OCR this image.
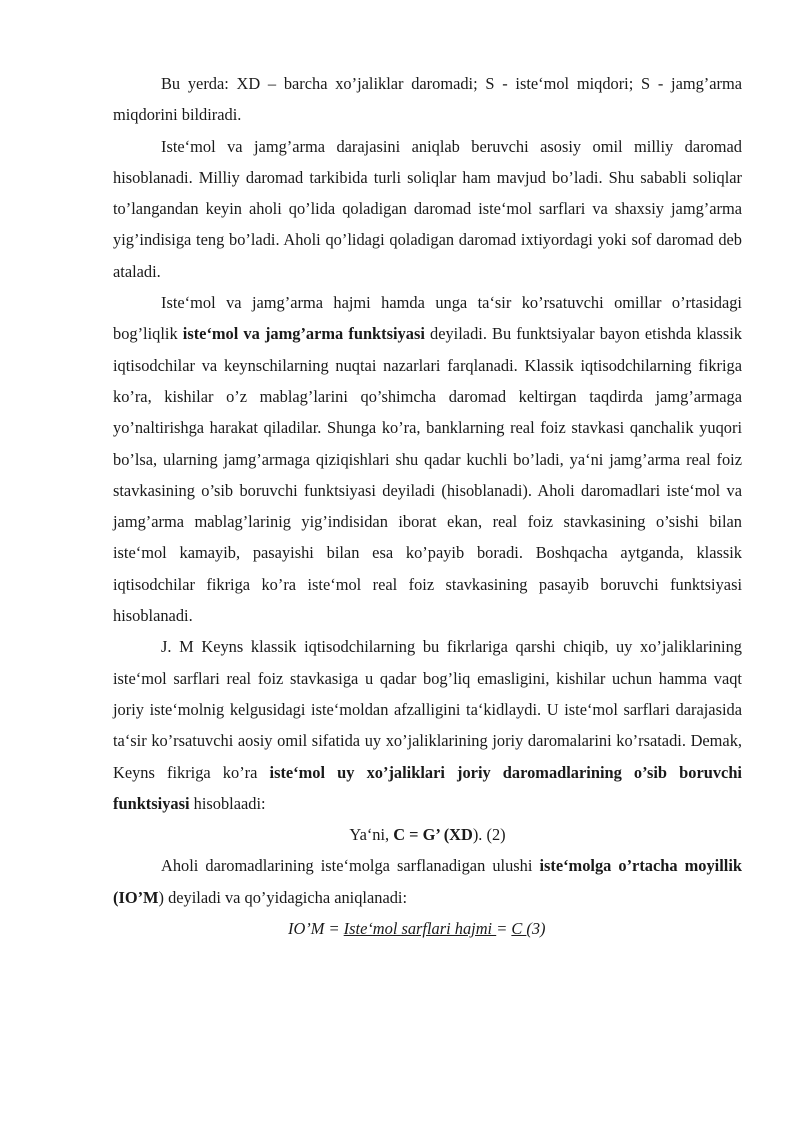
Bu yerda: XD – barcha xo’jaliklar daromadi; S - iste‘mol miqdori; S - jamg’arma miqdorini bildiradi.

Iste‘mol va jamg’arma darajasini aniqlab beruvchi asosiy omil milliy daromad hisoblanadi. Milliy daromad tarkibida turli soliqlar ham mavjud bo’ladi. Shu sababli soliqlar to’langandan keyin aholi qo’lida qoladigan daromad iste‘mol sarflari va shaxsiy jamg’arma yig’indisiga teng bo’ladi. Aholi qo’lidagi qoladigan daromad ixtiyordagi yoki sof daromad deb ataladi.

Iste‘mol va jamg’arma hajmi hamda unga ta‘sir ko’rsatuvchi omillar o’rtasidagi bog’liqlik iste‘mol va jamg’arma funktsiyasi deyiladi. Bu funktsiyalar bayon etishda klassik iqtisodchilar va keynschilarning nuqtai nazarlari farqlanadi. Klassik iqtisodchilarning fikriga ko’ra, kishilar o’z mablag’larini qo’shimcha daromad keltirgan taqdirda jamg’armaga yo’naltirishga harakat qiladilar. Shunga ko’ra, banklarning real foiz stavkasi qanchalik yuqori bo’lsa, ularning jamg’armaga qiziqishlari shu qadar kuchli bo’ladi, ya‘ni jamg’arma real foiz stavkasining o’sib boruvchi funktsiyasi deyiladi (hisoblanadi). Aholi daromadlari iste‘mol va jamg’arma mablag’larinig yig’indisidan iborat ekan, real foiz stavkasining o’sishi bilan iste‘mol kamayib, pasayishi bilan esa ko’payib boradi. Boshqacha aytganda, klassik iqtisodchilar fikriga ko’ra iste‘mol real foiz stavkasining pasayib boruvchi funktsiyasi hisoblanadi.

J. M Keyns klassik iqtisodchilarning bu fikrlariga qarshi chiqib, uy xo’jaliklarining iste‘mol sarflari real foiz stavkasiga u qadar bog’liq emasligini, kishilar uchun hamma vaqt joriy iste‘molnig kelgusidagi iste‘moldan afzalligini ta‘kidlaydi. U iste‘mol sarflari darajasida ta‘sir ko’rsatuvchi aosiy omil sifatida uy xo’jaliklarining joriy daromalarini ko’rsatadi. Demak, Keyns fikriga ko’ra iste‘mol uy xo’jaliklari joriy daromadlarining o’sib boruvchi funktsiyasi hisoblaadi:

Ya‘ni, C = G’ (XD). (2)

Aholi daromadlarining iste‘molga sarflanadigan ulushi iste‘molga o’rtacha moyillik (IO’M) deyiladi va qo’yidagicha aniqlanadi:

IO’M = Iste‘mol sarflari hajmi = C (3)
